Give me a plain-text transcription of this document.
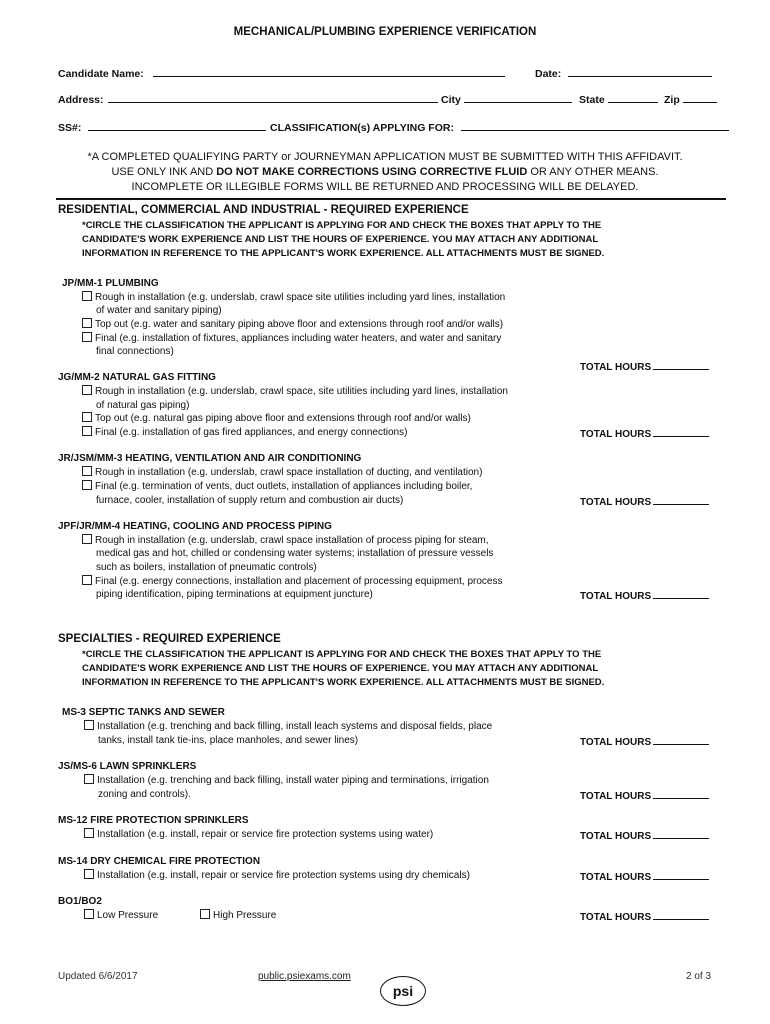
MECHANICAL/PLUMBING EXPERIENCE VERIFICATION
Candidate Name:	Date:
Address:	City	State	Zip
SS#:	CLASSIFICATION(s) APPLYING FOR:
*A COMPLETED QUALIFYING PARTY or JOURNEYMAN APPLICATION MUST BE SUBMITTED WITH THIS AFFIDAVIT.
USE ONLY INK AND DO NOT MAKE CORRECTIONS USING CORRECTIVE FLUID OR ANY OTHER MEANS.
INCOMPLETE OR ILLEGIBLE FORMS WILL BE RETURNED AND PROCESSING WILL BE DELAYED.
RESIDENTIAL, COMMERCIAL AND INDUSTRIAL - REQUIRED EXPERIENCE
*CIRCLE THE CLASSIFICATION THE APPLICANT IS APPLYING FOR AND CHECK THE BOXES THAT APPLY TO THE
CANDIDATE'S WORK EXPERIENCE AND LIST THE HOURS OF EXPERIENCE. YOU MAY ATTACH ANY ADDITIONAL
INFORMATION IN REFERENCE TO THE APPLICANT'S WORK EXPERIENCE. ALL ATTACHMENTS MUST BE SIGNED.
JP/MM-1 PLUMBING
Rough in installation (e.g. underslab, crawl space site utilities including yard lines, installation
of water and sanitary piping)
Top out (e.g. water and sanitary piping above floor and extensions through roof and/or walls)
Final (e.g. installation of fixtures, appliances including water heaters, and water and sanitary
final connections)
TOTAL HOURS
JG/MM-2 NATURAL GAS FITTING
Rough in installation (e.g. underslab, crawl space, site utilities including yard lines, installation
of natural gas piping)
Top out (e.g. natural gas piping above floor and extensions through roof and/or walls)
Final (e.g. installation of gas fired appliances, and energy connections)	TOTAL HOURS
JR/JSM/MM-3 HEATING, VENTILATION AND AIR CONDITIONING
Rough in installation (e.g. underslab, crawl space installation of ducting, and ventilation)
Final (e.g. termination of vents, duct outlets, installation of appliances including boiler,
furnace, cooler, installation of supply return and combustion air ducts)	TOTAL HOURS
JPF/JR/MM-4 HEATING, COOLING AND PROCESS PIPING
Rough in installation (e.g. underslab, crawl space installation of process piping for steam,
medical gas and hot, chilled or condensing water systems; installation of pressure vessels
such as boilers, installation of pneumatic controls)
Final (e.g. energy connections, installation and placement of processing equipment, process
piping identification, piping terminations at equipment juncture)	TOTAL HOURS
SPECIALTIES - REQUIRED EXPERIENCE
*CIRCLE THE CLASSIFICATION THE APPLICANT IS APPLYING FOR AND CHECK THE BOXES THAT APPLY TO THE
CANDIDATE'S WORK EXPERIENCE AND LIST THE HOURS OF EXPERIENCE. YOU MAY ATTACH ANY ADDITIONAL
INFORMATION IN REFERENCE TO THE APPLICANT'S WORK EXPERIENCE. ALL ATTACHMENTS MUST BE SIGNED.
MS-3 SEPTIC TANKS AND SEWER
Installation (e.g. trenching and back filling, install leach systems and disposal fields, place
tanks, install tank tie-ins, place manholes, and sewer lines)	TOTAL HOURS
JS/MS-6 LAWN SPRINKLERS
Installation (e.g. trenching and back filling, install water piping and terminations, irrigation
zoning and controls).	TOTAL HOURS
MS-12 FIRE PROTECTION SPRINKLERS
Installation (e.g. install, repair or service fire protection systems using water)	TOTAL HOURS
MS-14 DRY CHEMICAL FIRE PROTECTION
Installation (e.g. install, repair or service fire protection systems using dry chemicals)	TOTAL HOURS
BO1/BO2
Low Pressure	High Pressure	TOTAL HOURS
Updated 6/6/2017	public.psiexams.com	2 of 3
psi
